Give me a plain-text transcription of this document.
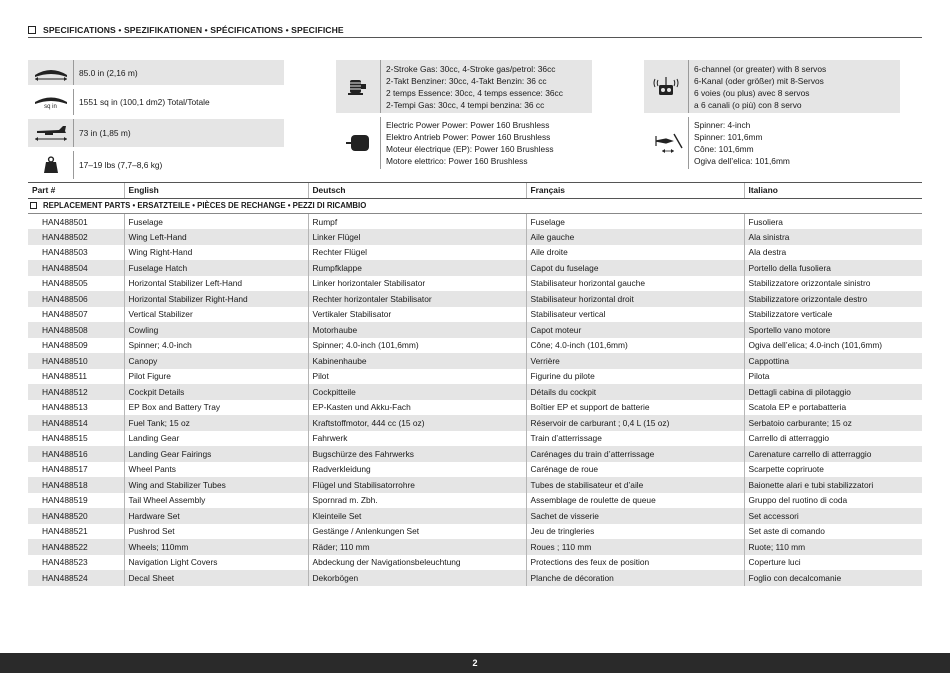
SPECIFICATIONS • SPEZIFIKATIONEN • SPÉCIFICATIONS • SPECIFICHE
85.0 in (2,16 m)
sq in	1551 sq in (100,1 dm2) Total/Totale
73 in (1,85 m)
17–19 lbs (7,7–8,6 kg)
2-Stroke Gas: 30cc, 4-Stroke gas/petrol: 36cc
2-Takt Benziner: 30cc, 4-Takt Benzin: 36 cc
2 temps Essence: 30cc, 4 temps essence: 36cc
2-Tempi Gas: 30cc, 4 tempi benzina: 36 cc
Electric Power Power: Power 160 Brushless
Elektro Antrieb Power: Power 160 Brushless
Moteur électrique (EP): Power 160 Brushless
Motore elettrico: Power 160 Brushless
6-channel (or greater) with 8 servos
6-Kanal (oder größer) mit 8-Servos
6 voies (ou plus) avec 8 servos
a 6 canali (o più) con 8 servo
Spinner: 4-inch
Spinner: 101,6mm
Cône: 101,6mm
Ogiva dell’elica: 101,6mm
Part #	English	Deutsch	Français	Italiano
REPLACEMENT PARTS • ERSATZTEILE • PIÈCES DE RECHANGE • PEZZI DI RICAMBIO				
HAN488501	Fuselage	Rumpf	Fuselage	Fusoliera
HAN488502	Wing Left-Hand	Linker Flügel	Aile gauche	Ala sinistra
HAN488503	Wing Right-Hand	Rechter Flügel	Aile droite	Ala destra
HAN488504	Fuselage Hatch	Rumpfklappe	Capot du fuselage	Portello della fusoliera
HAN488505	Horizontal Stabilizer Left-Hand	Linker horizontaler Stabilisator	Stabilisateur horizontal gauche	Stabilizzatore orizzontale sinistro
HAN488506	Horizontal Stabilizer Right-Hand	Rechter horizontaler Stabilisator	Stabilisateur horizontal droit	Stabilizzatore orizzontale destro
HAN488507	Vertical Stabilizer	Vertikaler Stabilisator	Stabilisateur vertical	Stabilizzatore verticale
HAN488508	Cowling	Motorhaube	Capot moteur	Sportello vano motore
HAN488509	Spinner; 4.0-inch	Spinner; 4.0-inch (101,6mm)	Cône; 4.0-inch (101,6mm)	Ogiva dell’elica; 4.0-inch (101,6mm)
HAN488510	Canopy	Kabinenhaube	Verrière	Cappottina
HAN488511	Pilot Figure	Pilot	Figurine du pilote	Pilota
HAN488512	Cockpit Details	Cockpitteile	Détails du cockpit	Dettagli cabina di pilotaggio
HAN488513	EP Box and Battery Tray	EP-Kasten und Akku-Fach	Boîtier EP et support de batterie	Scatola EP e portabatteria
HAN488514	Fuel Tank; 15 oz	Kraftstoffmotor, 444 cc (15 oz)	Réservoir de carburant ; 0,4 L (15 oz)	Serbatoio carburante; 15 oz
HAN488515	Landing Gear	Fahrwerk	Train d’atterrissage	Carrello di atterraggio
HAN488516	Landing Gear Fairings	Bugschürze des Fahrwerks	Carénages du train d’atterrissage	Carenature carrello di atterraggio
HAN488517	Wheel Pants	Radverkleidung	Carénage de roue	Scarpette copriruote
HAN488518	Wing and Stabilizer Tubes	Flügel und Stabilisatorrohre	Tubes de stabilisateur et d’aile	Baionette alari e tubi stabilizzatori
HAN488519	Tail Wheel Assembly	Spornrad m. Zbh.	Assemblage de roulette de queue	Gruppo del ruotino di coda
HAN488520	Hardware Set	Kleinteile Set	Sachet de visserie	Set accessori
HAN488521	Pushrod Set	Gestänge / Anlenkungen Set	Jeu de tringleries	Set aste di comando
HAN488522	Wheels; 110mm	Räder; 110 mm	Roues ; 110 mm	Ruote; 110 mm
HAN488523	Navigation Light Covers	Abdeckung der Navigationsbeleuchtung	Protections des feux de position	Coperture luci
HAN488524	Decal Sheet	Dekorbögen	Planche de décoration	Foglio con decalcomanie
2
